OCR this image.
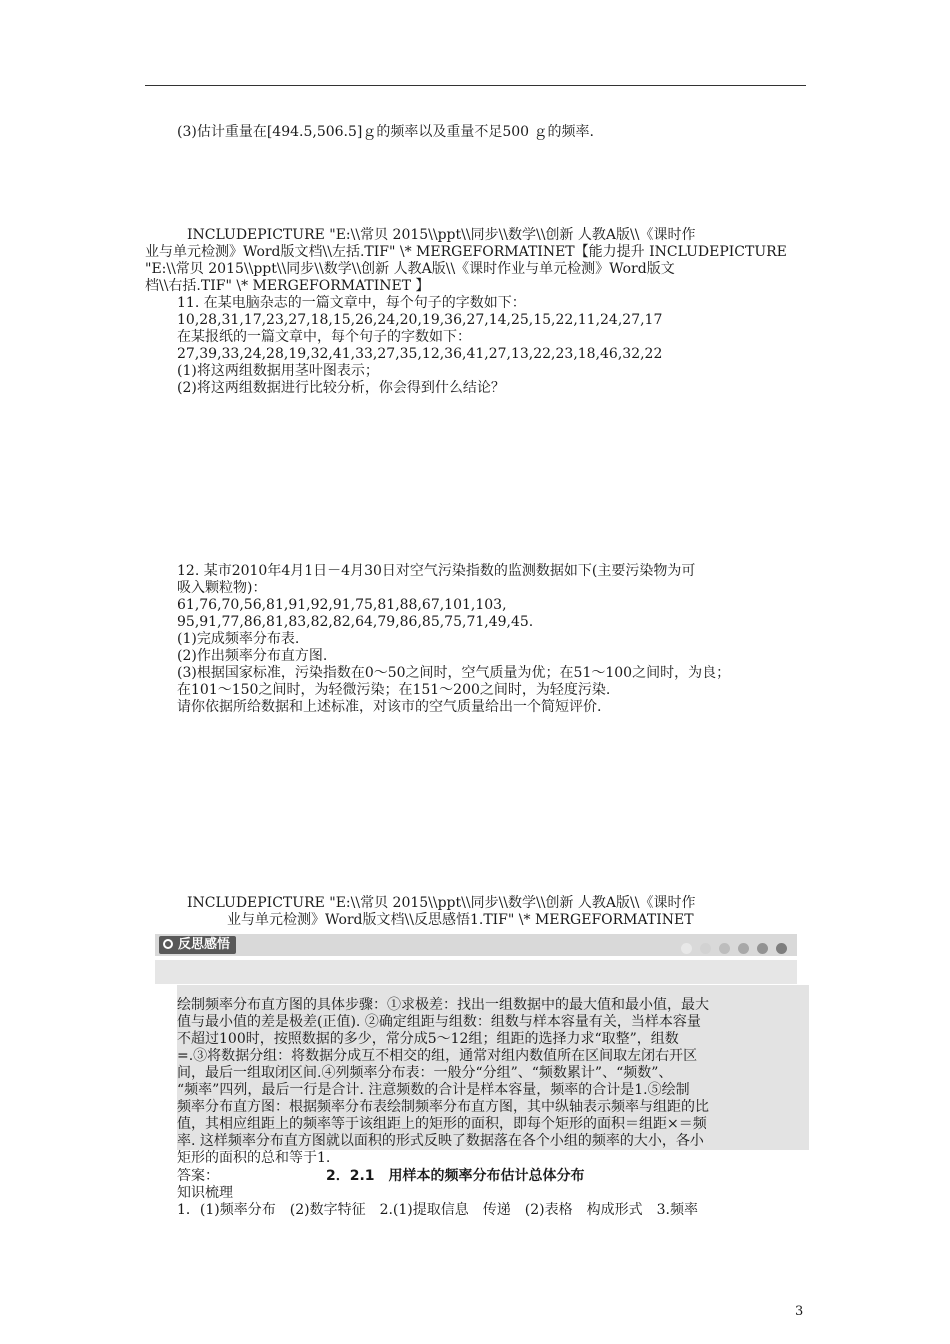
(3)估计重量在[494.5,506.5]ｇ的频率以及重量不足500 ｇ的频率.
INCLUDEPICTURE "E:\\常贝 2015\\ppt\\同步\\数学\\创新 人教A版\\《课时作
业与单元检测》Word版文档\\左括.TIF" \* MERGEFORMATINET【能力提升 INCLUDEPICTURE
"E:\\常贝 2015\\ppt\\同步\\数学\\创新 人教A版\\《课时作业与单元检测》Word版文
档\\右括.TIF" \* MERGEFORMATINET 】
11. 在某电脑杂志的一篇文章中，每个句子的字数如下：
10,28,31,17,23,27,18,15,26,24,20,19,36,27,14,25,15,22,11,24,27,17
在某报纸的一篇文章中，每个句子的字数如下：
27,39,33,24,28,19,32,41,33,27,35,12,36,41,27,13,22,23,18,46,32,22
(1)将这两组数据用茎叶图表示；
(2)将这两组数据进行比较分析，你会得到什么结论？
12. 某市2010年4月1日－4月30日对空气污染指数的监测数据如下(主要污染物为可
吸入颗粒物)：
61,76,70,56,81,91,92,91,75,81,88,67,101,103,
95,91,77,86,81,83,82,82,64,79,86,85,75,71,49,45.
(1)完成频率分布表.
(2)作出频率分布直方图.
(3)根据国家标准，污染指数在0～50之间时，空气质量为优；在51～100之间时，为良；
在101～150之间时，为轻微污染；在151～200之间时，为轻度污染.
请你依据所给数据和上述标准，对该市的空气质量给出一个简短评价.
INCLUDEPICTURE "E:\\常贝 2015\\ppt\\同步\\数学\\创新 人教A版\\《课时作
业与单元检测》Word版文档\\反思感悟1.TIF" \* MERGEFORMATINET
反思感悟
绘制频率分布直方图的具体步骤：①求极差：找出一组数据中的最大值和最小值，最大
值与最小值的差是极差(正值). ②确定组距与组数：组数与样本容量有关，当样本容量
不超过100时，按照数据的多少，常分成5～12组；组距的选择力求“取整”，组数
=.③将数据分组：将数据分成互不相交的组，通常对组内数值所在区间取左闭右开区
间，最后一组取闭区间.④列频率分布表：一般分“分组”、“频数累计”、“频数”、
“频率”四列，最后一行是合计. 注意频数的合计是样本容量，频率的合计是1.⑤绘制
频率分布直方图：根据频率分布表绘制频率分布直方图，其中纵轴表示频率与组距的比
值，其相应组距上的频率等于该组距上的矩形的面积，即每个矩形的面积＝组距×＝频
率. 这样频率分布直方图就以面积的形式反映了数据落在各个小组的频率的大小，各小
矩形的面积的总和等于1.
答案：	2．2.1　用样本的频率分布估计总体分布
知识梳理
1．(1)频率分布　(2)数字特征　2.(1)提取信息　传递　(2)表格　构成形式　3.频率
3
